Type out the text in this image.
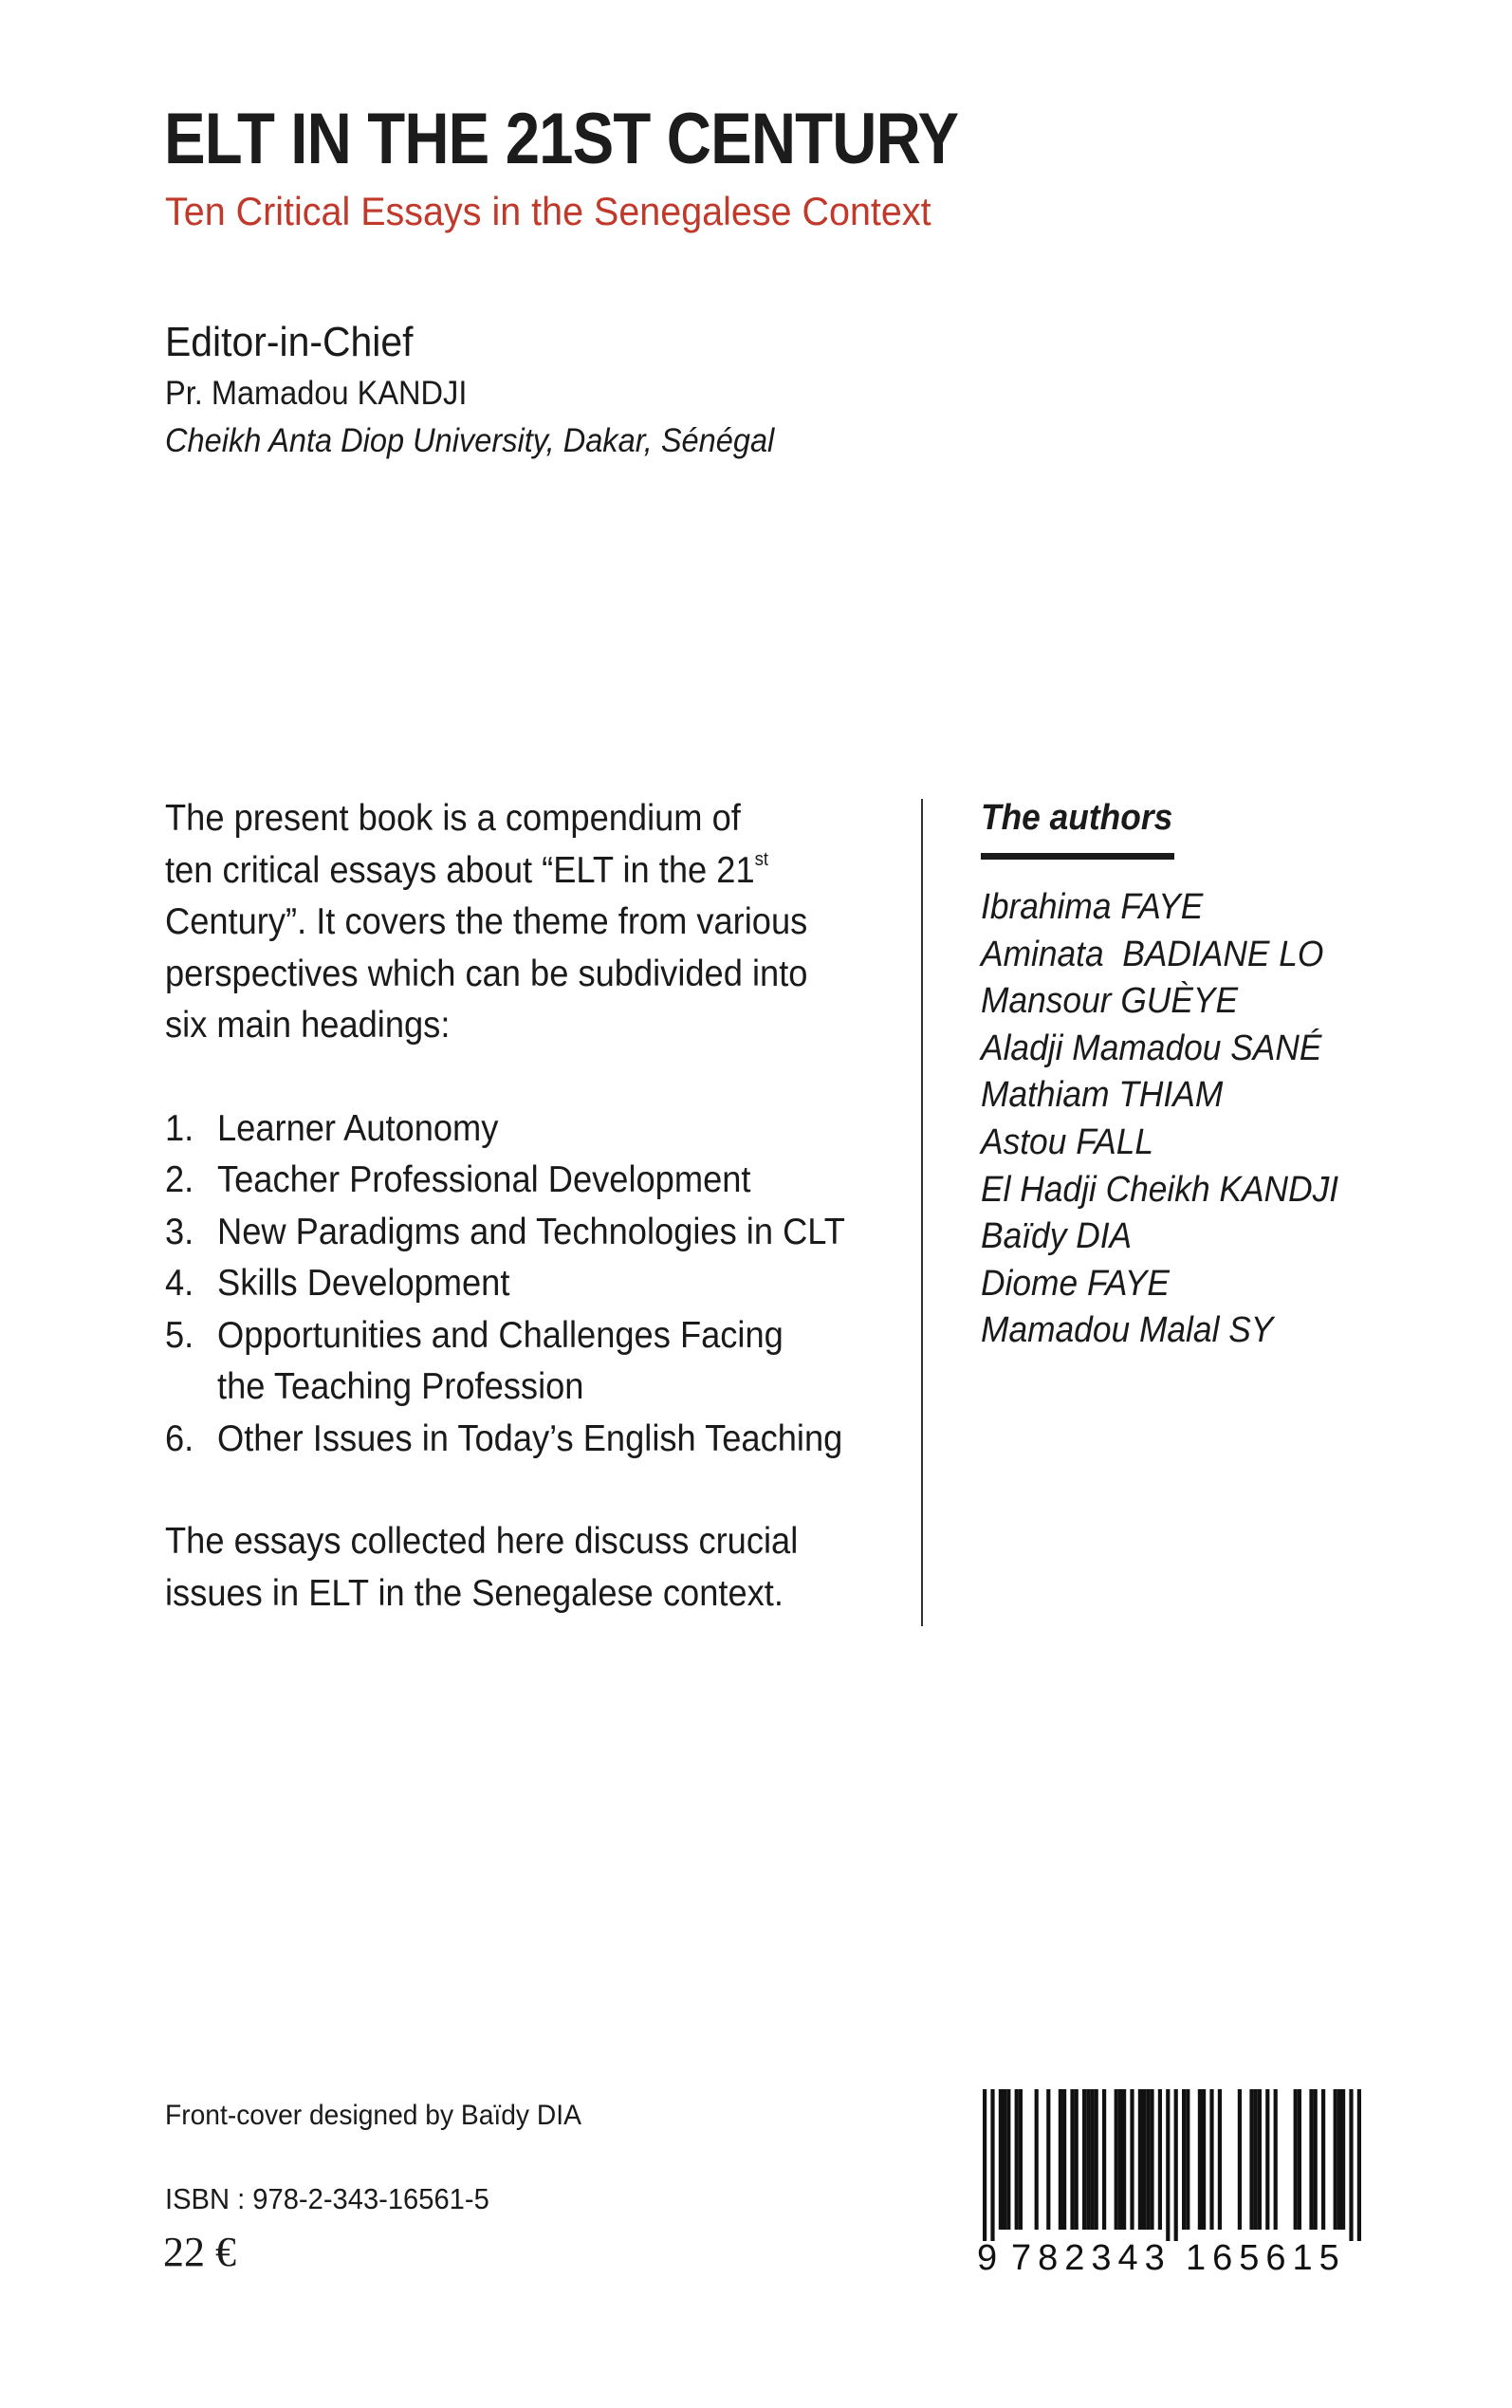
ELT IN THE 21ST CENTURY
Ten Critical Essays in the Senegalese Context
Editor-in-Chief
Pr. Mamadou KANDJI
Cheikh Anta Diop University, Dakar, Sénégal

The present book is a compendium of
ten critical essays about “ELT in the 21st
Century”. It covers the theme from various
perspectives which can be subdivided into
six main headings:

1. Learner Autonomy
2. Teacher Professional Development
3. New Paradigms and Technologies in CLT
4. Skills Development
5. Opportunities and Challenges Facing
the Teaching Profession
6. Other Issues in Today’s English Teaching

The essays collected here discuss crucial
issues in ELT in the Senegalese context.

The authors
Ibrahima FAYE
Aminata  BADIANE LO
Mansour GUÈYE
Aladji Mamadou SANÉ
Mathiam THIAM
Astou FALL
El Hadji Cheikh KANDJI
Baïdy DIA
Diome FAYE
Mamadou Malal SY
Front-cover designed by Baïdy DIA
ISBN : 978-2-343-16561-5
22 €	9 782343 165615
